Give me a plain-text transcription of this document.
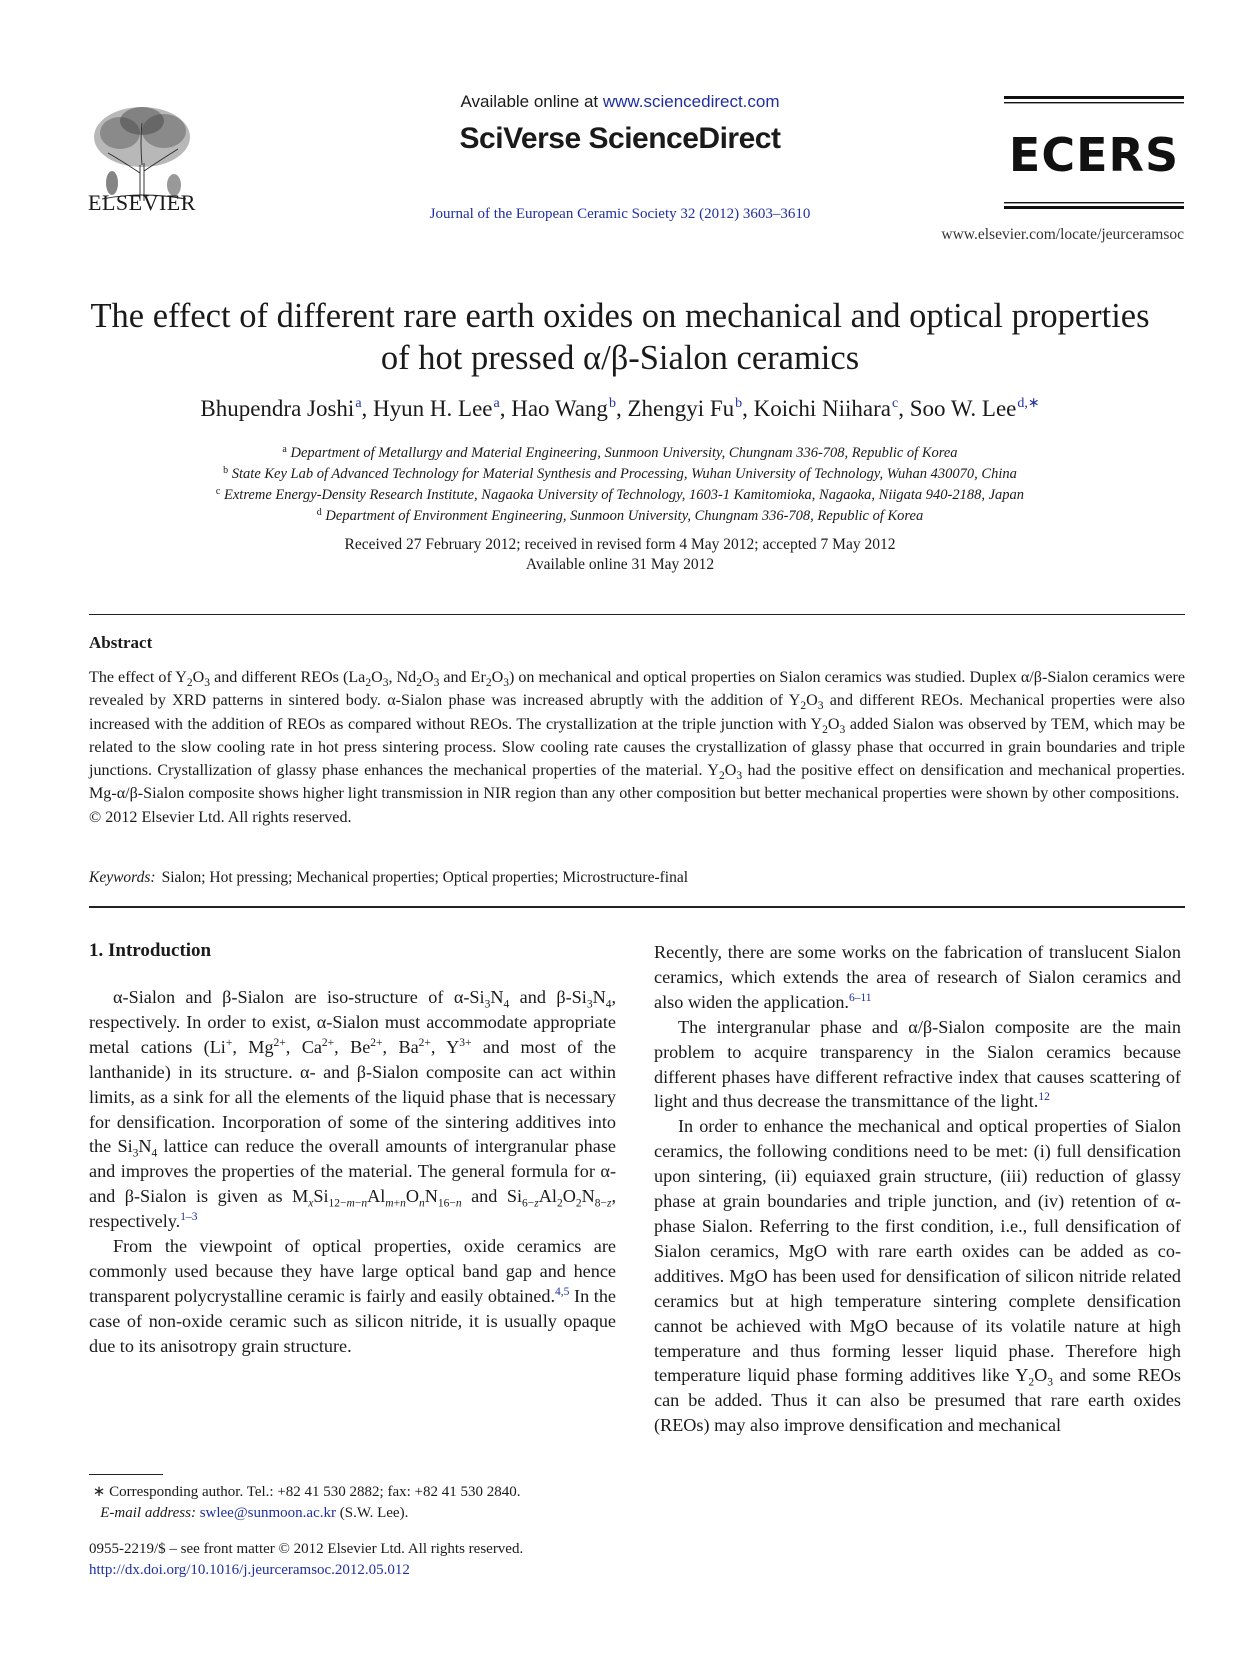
ELSEVIER
Available online at www.sciencedirect.com
SciVerse ScienceDirect
Journal of the European Ceramic Society 32 (2012) 3603–3610
ECERS
www.elsevier.com/locate/jeurceramsoc
The effect of different rare earth oxides on mechanical and optical properties
of hot pressed α/β-Sialon ceramics
Bhupendra Joshi$^a$, Hyun H. Lee$^a$, Hao Wang$^b$, Zhengyi Fu$^b$, Koichi Niihara$^c$, Soo W. Lee$^{d,∗}$
$^a$ Department of Metallurgy and Material Engineering, Sunmoon University, Chungnam 336-708, Republic of Korea
$^b$ State Key Lab of Advanced Technology for Material Synthesis and Processing, Wuhan University of Technology, Wuhan 430070, China
$^c$ Extreme Energy-Density Research Institute, Nagaoka University of Technology, 1603-1 Kamitomioka, Nagaoka, Niigata 940-2188, Japan
$^d$ Department of Environment Engineering, Sunmoon University, Chungnam 336-708, Republic of Korea
Received 27 February 2012; received in revised form 4 May 2012; accepted 7 May 2012
Available online 31 May 2012
Abstract
The effect of $Y_2O_3$ and different REOs ($La_2O_3$, $Nd_2O_3$ and $Er_2O_3$) on mechanical and optical properties on Sialon ceramics was studied. Duplex α/β-Sialon ceramics were revealed by XRD patterns in sintered body. α-Sialon phase was increased abruptly with the addition of $Y_2O_3$ and different REOs. Mechanical properties were also increased with the addition of REOs as compared without REOs. The crystallization at the triple junction with $Y_2O_3$ added Sialon was observed by TEM, which may be related to the slow cooling rate in hot press sintering process. Slow cooling rate causes the crystallization of glassy phase that occurred in grain boundaries and triple junctions. Crystallization of glassy phase enhances the mechanical properties of the material. $Y_2O_3$ had the positive effect on densification and mechanical properties. Mg-α/β-Sialon composite shows higher light transmission in NIR region than any other composition but better mechanical properties were shown by other compositions.
© 2012 Elsevier Ltd. All rights reserved.
Keywords: Sialon; Hot pressing; Mechanical properties; Optical properties; Microstructure-final
1. Introduction

α-Sialon and β-Sialon are iso-structure of $\alpha-Si_3N_4$ and $\beta-Si_3N_4$, respectively. In order to exist, α-Sialon must accommodate appropriate metal cations (Li+, $Mg^{2+}$, $Ca^{2+}$, $Be^{2+}$, $Ba^{2+}$, $Y^{3+}$ and most of the lanthanide) in its structure. α- and β-Sialon composite can act within limits, as a sink for all the elements of the liquid phase that is necessary for densification. Incorporation of some of the sintering additives into the $Si_3N_4$ lattice can reduce the overall amounts of intergranular phase and improves the properties of the material. The general formula for α- and β-Sialon is given as $M_xSi_{12-m-n}Al_{m+n}O_nN_{16-n}$ and $Si_{6-z}Al_2O_2N_{8-z}$, respectively.$^{1-3}$

From the viewpoint of optical properties, oxide ceramics are commonly used because they have large optical band gap and hence transparent polycrystalline ceramic is fairly and easily obtained.$^{4,5}$ In the case of non-oxide ceramic such as silicon nitride, it is usually opaque due to its anisotropy grain structure.

Recently, there are some works on the fabrication of translucent Sialon ceramics, which extends the area of research of Sialon ceramics and also widen the application.$^{6-11}$

The intergranular phase and α/β-Sialon composite are the main problem to acquire transparency in the Sialon ceramics because different phases have different refractive index that causes scattering of light and thus decrease the transmittance of the light.$^{12}$

In order to enhance the mechanical and optical properties of Sialon ceramics, the following conditions need to be met: (i) full densification upon sintering, (ii) equiaxed grain structure, (iii) reduction of glassy phase at grain boundaries and triple junction, and (iv) retention of α-phase Sialon. Referring to the first condition, i.e., full densification of Sialon ceramics, MgO with rare earth oxides can be added as co-additives. MgO has been used for densification of silicon nitride related ceramics but at high temperature sintering complete densification cannot be achieved with MgO because of its volatile nature at high temperature and thus forming lesser liquid phase. Therefore high temperature liquid phase forming additives like $Y_2O_3$ and some REOs can be added. Thus it can also be presumed that rare earth oxides (REOs) may also improve densification and mechanical

∗ Corresponding author. Tel.: +82 41 530 2882; fax: +82 41 530 2840.
E-mail address: swlee@sunmoon.ac.kr (S.W. Lee).
0955-2219/$ – see front matter © 2012 Elsevier Ltd. All rights reserved.
http://dx.doi.org/10.1016/j.jeurceramsoc.2012.05.012
